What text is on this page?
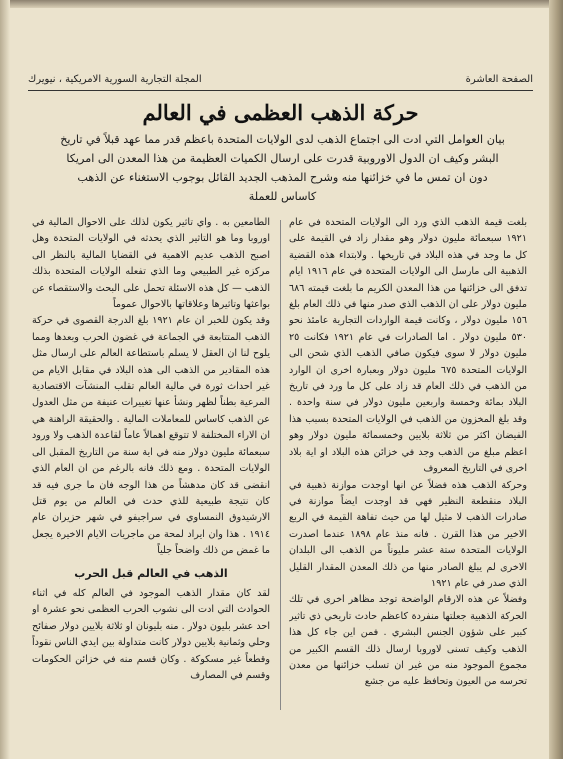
الصفحة العاشرة
المجلة التجارية السورية الامريكية ، نيويرك
حركة الذهب العظمى في العالم
بيان العوامل التي ادت الى اجتماع الذهب لدى الولايات المتحدة باعظم قدر مما عهد قبلاً في تاريخ البشر وكيف ان الدول الاوروبية قدرت على ارسال الكميات العظيمة من هذا المعدن الى امريكا دون ان تمس ما في خزائنها منه وشرح المذهب الجديد القائل بوجوب الاستغناء عن الذهب كاساس للعملة

بلغت قيمة الذهب الذي ورد الى الولايات المتحدة في عام ١٩٢١ سبعمائة مليون دولار وهو مقدار زاد في القيمة على كل ما وجد في هذه البلاد في تاريخها . ولابتداء هذه القضية الذهبية الى مارسل الى الولايات المتحدة في عام ١٩١٦ ايام تدفق الى خزائنها من هذا المعدن الكريم ما بلغت قيمته ٦٨٦ مليون دولار على ان الذهب الذي صدر منها في ذلك العام بلغ ١٥٦ مليون دولار ، وكانت قيمة الواردات التجارية عامئذ نحو ٥٣٠ مليون دولار . اما الصادرات في عام ١٩٢١ فكانت ٢٥ مليون دولار لا سوى فيكون صافي الذهب الذي شحن الى الولايات المتحدة ٦٧٥ مليون دولار وبعبارة اخرى ان الوارد من الذهب في ذلك العام قد زاد على كل ما ورد في تاريخ البلاد بمائة وخمسة واربعين مليون دولار في سنة واحدة . وقد بلغ المخزون من الذهب في الولايات المتحدة بسبب هذا الفيضان اكثر من ثلاثة بلايين وخمسمائة مليون دولار وهو اعظم مبلغ من الذهب وجد في خزائن هذه البلاد او اية بلاد اخرى في التاريخ المعروف

وحركة الذهب هذه فضلاً عن انها اوجدت موازنة ذهبية في البلاد منقطعة النظير فهي قد اوجدت ايضاً موازنة في صادرات الذهب لا مثيل لها من حيث تفاهة القيمة في الربع الاخير من هذا القرن . فانه منذ عام ١٨٩٨ عندما اصدرت الولايات المتحدة ستة عشر مليوناً من الذهب الى البلدان الاخرى لم يبلغ الصادر منها من ذلك المعدن المقدار القليل الذي صدر في عام ١٩٢١

وفضلاً عن هذه الارقام الواضحة توجد مظاهر اخرى في تلك الحركة الذهبية جعلتها منفردة كاعظم حادث تاريخي ذي تاثير كبير على شؤون الجنس البشري . فمن اين جاء كل هذا الذهب وكيف تسنى لاوروبا ارسال ذلك القسم الكبير من مجموع الموجود منه من غير ان تسلب خزائنها من معدن تحرسه من العيون وتحافظ عليه من جشع

الطامعين به . واي تاثير يكون لذلك على الاحوال المالية في اوروبا وما هو التاثير الذي يحدثه في الولايات المتحدة وهل اصبح الذهب عديم الاهمية في القضايا المالية بالنظر الى مركزه غير الطبيعي وما الذي تفعله الولايات المتحدة بذلك الذهب — كل هذه الاسئلة تحمل على البحث والاستقصاء عن بواعثها وتاثيرها وعلاقاتها بالاحوال عموماً

وقد يكون للخبر ان عام ١٩٢١ بلغ الدرجة القصوى في حركة الذهب المتتابعة في الجماعة في غضون الحرب وبعدها ومما يلوح لنا ان العقل لا يسلم باستطاعة العالم على ارسال مثل هذه المقادير من الذهب الى هذه البلاد في مقابل الايام من غير احداث ثورة في مالية العالم تقلب المنشآت الاقتصادية المرعية بطناً لظهر ونشأ عنها تغييرات عنيفة من مثل العدول عن الذهب كاساس للمعاملات المالية . والحقيقة الراهنة هي ان الاراء المختلفة لا تتوقع اهمالاً عاماً لقاعدة الذهب ولا ورود سبعمائة مليون دولار منه في اية سنة من التاريخ المقبل الى الولايات المتحدة . ومع ذلك فانه بالرغم من ان العام الذي انقضى قد كان مدهشاً من هذا الوجه فان ما جرى فيه قد كان نتيجة طبيعية للذي حدث في العالم من يوم قتل الارشيدوق النمساوي في سراجيفو في شهر حزيران عام ١٩١٤ . هذا وان ايراد لمحة من ماجريات الايام الاخيرة يجعل ما غمض من ذلك واضحاً جلياً

الذهب في العالم قبل الحرب

لقد كان مقدار الذهب الموجود في العالم كله في اثناء الحوادث التي ادت الى نشوب الحرب العظمى نحو عشرة او احد عشر بليون دولار . منه بليونان او ثلاثة بلايين دولار صفائح وحلي وثمانية بلايين دولار كانت متداولة بين ايدي الناس نقوداً وقطعاً غير مسكوكة . وكان قسم منه في خزائن الحكومات وقسم في المصارف
